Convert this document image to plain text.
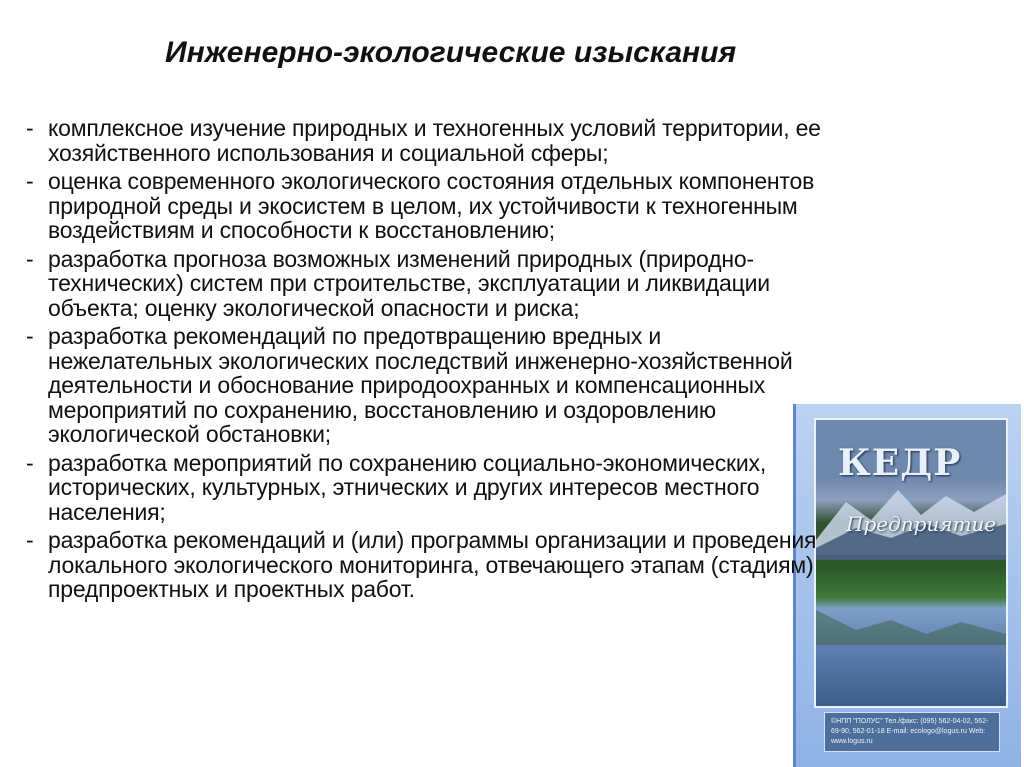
Инженерно-экологические изыскания
- комплексное изучение природных и техногенных условий территории, ее хозяйственного использования и социальной сферы;
- оценка современного экологического состояния отдельных компонентов природной среды и экосистем в целом, их устойчивости к техногенным воздействиям и способности к восстановлению;
- разработка прогноза возможных изменений природных (природно- технических) систем при строительстве, эксплуатации и ликвидации объекта; оценку экологической опасности и риска;
- разработка рекомендаций по предотвращению вредных и нежелательных экологических последствий инженерно-хозяйственной деятельности и обоснование природоохранных и компенсационных мероприятий по сохранению, восстановлению и оздоровлению экологической обстановки;
- разработка мероприятий по сохранению социально-экономических, исторических, культурных, этнических и других интересов местного населения;
- разработка рекомендаций и (или) программы организации и проведения локального экологического мониторинга, отвечающего этапам (стадиям) предпроектных и проектных работ.
КЕДР
Предприятие
©НПП "ПОЛУС" Тел./факс: (095) 562-04-02, 562-69-90, 562-01-18 E-mail: ecologo@logus.ru Web: www.logus.ru
